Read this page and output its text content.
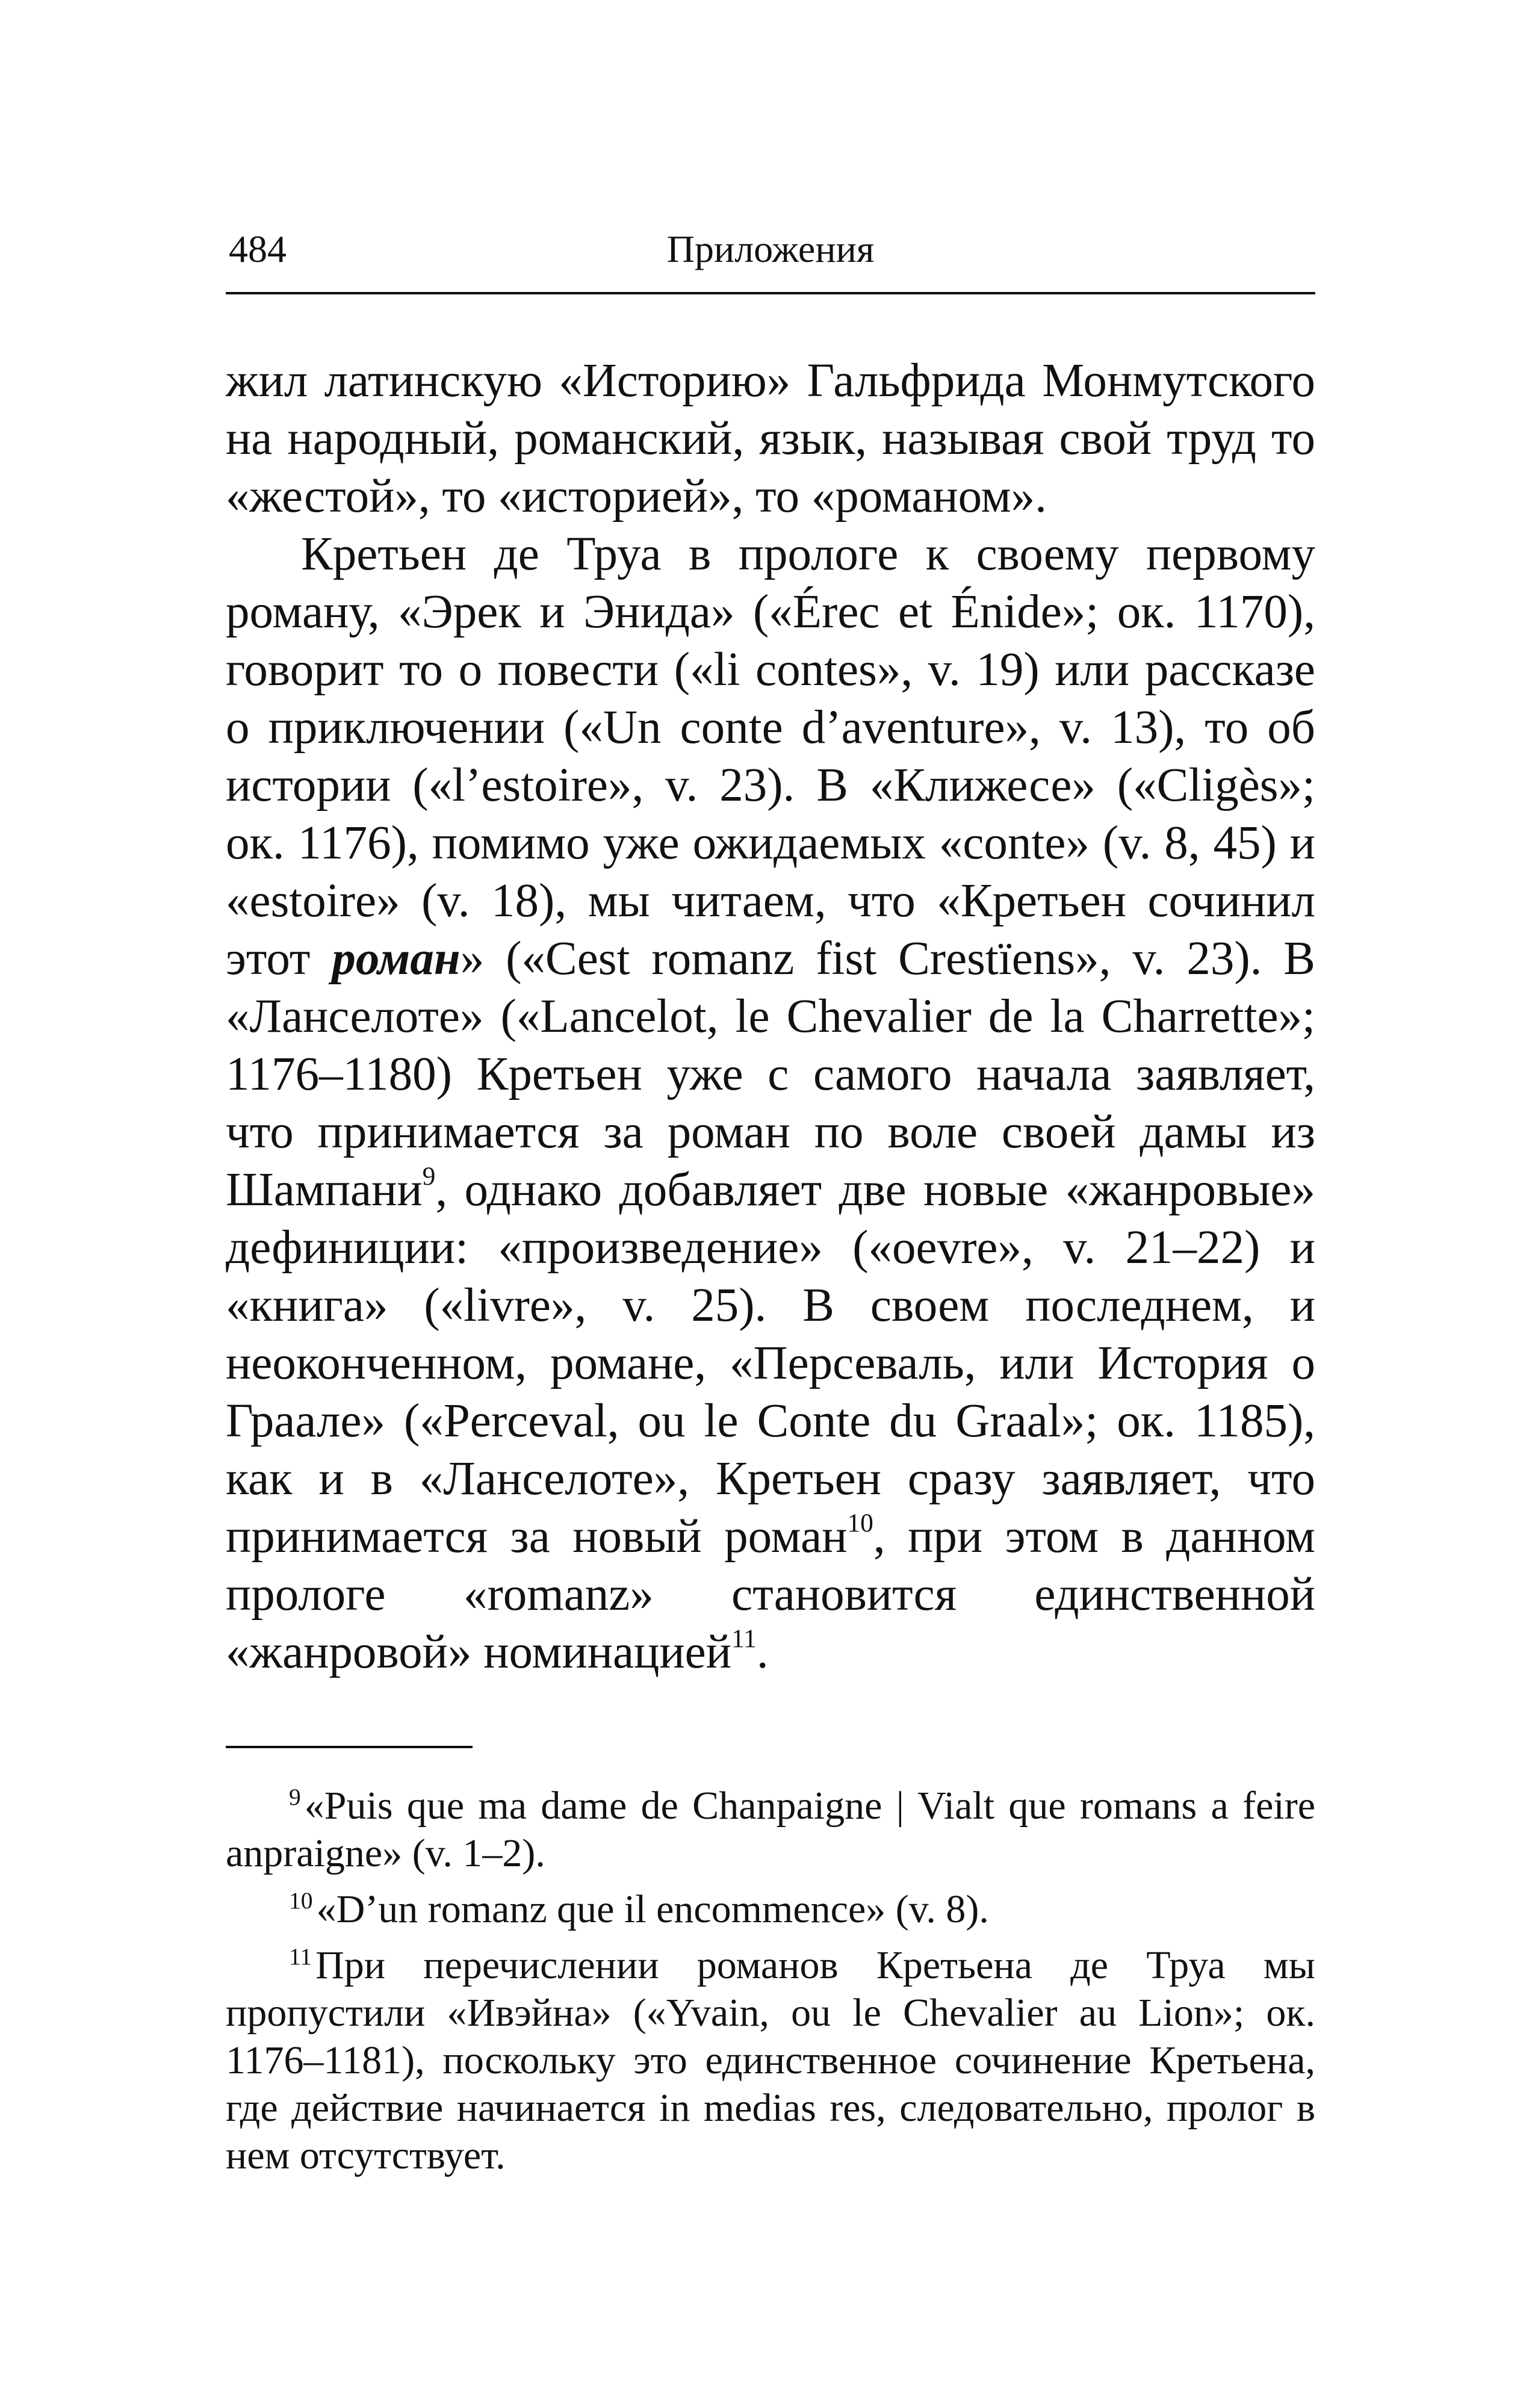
484	Приложения

жил латинскую «Историю» Гальфрида Монмутского на народный, романский, язык, называя свой труд то «жестой», то «историей», то «романом».

Кретьен де Труа в прологе к своему первому роману, «Эрек и Энида» («Érec et Énide»; ок. 1170), говорит то о повести («li contes», v. 19) или рассказе о приключении («Un conte d’aventure», v. 13), то об истории («l’estoire», v. 23). В «Клижесе» («Cligès»; ок. 1176), помимо уже ожидаемых «conte» (v. 8, 45) и «estoire» (v. 18), мы читаем, что «Кретьен сочинил этот роман» («Cest romanz fist Crestïens», v. 23). В «Ланселоте» («Lancelot, le Chevalier de la Charrette»; 1176–1180) Кретьен уже с самого начала заявляет, что принимается за роман по воле своей дамы из Шампани$^9$, однако добавляет две новые «жанровые» дефиниции: «произведение» («oevre», v. 21–22) и «книга» («livre», v. 25). В своем последнем, и неоконченном, романе, «Персеваль, или История о Граале» («Perceval, ou le Conte du Graal»; ок. 1185), как и в «Ланселоте», Кретьен сразу заявляет, что принимается за новый роман$^{10}$, при этом в данном прологе «romanz» становится единственной «жанровой» номинацией$^{11}$.

$^9$«Puis que ma dame de Chanpaigne | Vialt que romans a feire anpraigne» (v. 1–2).

$^{10}$«D’un romanz que il encommence» (v. 8).

$^{11}$При перечислении романов Кретьена де Труа мы пропустили «Ивэйна» («Yvain, ou le Chevalier au Lion»; ок. 1176–1181), поскольку это единственное сочинение Кретьена, где действие начинается in medias res, следовательно, пролог в нем отсутствует.
